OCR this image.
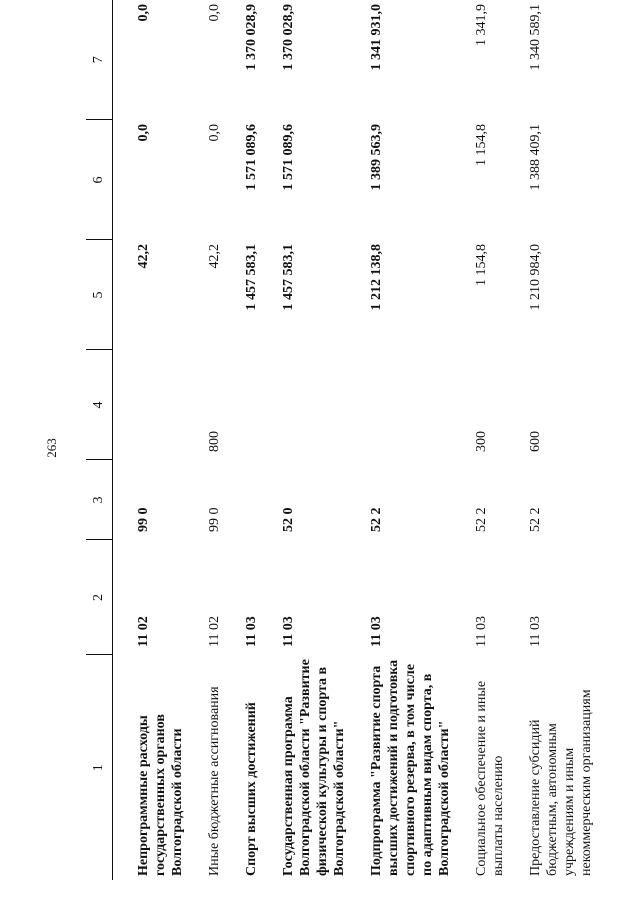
263
1	2	3	4	5	6	7
Непрограммные расходы государственных органов Волгоградской области	11 02	99 0		42,2	0,0	0,0
Иные бюджетные ассигнования	11 02	99 0	800	42,2	0,0	0,0
Спорт высших достижений	11 03			1 457 583,1	1 571 089,6	1 370 028,9
Государственная программа Волгоградской области "Развитие физической культуры и спорта в Волгоградской области"	11 03	52 0		1 457 583,1	1 571 089,6	1 370 028,9
Подпрограмма "Развитие спорта высших достижений и подготовка спортивного резерва, в том числе по адаптивным видам спорта, в Волгоградской области"	11 03	52 2		1 212 138,8	1 389 563,9	1 341 931,0
Социальное обеспечение и иные выплаты населению	11 03	52 2	300	1 154,8	1 154,8	1 341,9
Предоставление субсидий бюджетным, автономным учреждениям и иным некоммерческим организациям	11 03	52 2	600	1 210 984,0	1 388 409,1	1 340 589,1
